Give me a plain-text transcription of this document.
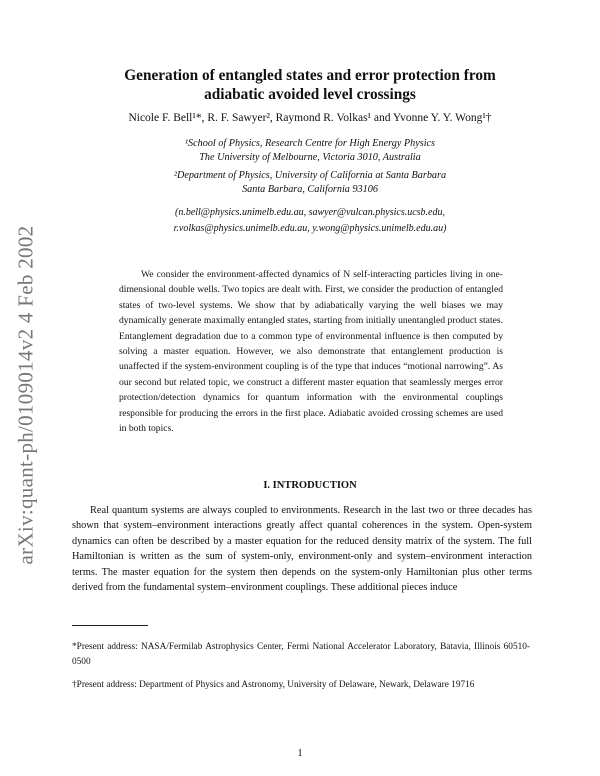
arXiv:quant-ph/0109014v2 4 Feb 2002
Generation of entangled states and error protection from
adiabatic avoided level crossings
Nicole F. Bell¹*, R. F. Sawyer², Raymond R. Volkas¹ and Yvonne Y. Y. Wong¹†
¹School of Physics, Research Centre for High Energy Physics
The University of Melbourne, Victoria 3010, Australia
²Department of Physics, University of California at Santa Barbara
Santa Barbara, California 93106
(n.bell@physics.unimelb.edu.au, sawyer@vulcan.physics.ucsb.edu,
r.volkas@physics.unimelb.edu.au, y.wong@physics.unimelb.edu.au)

We consider the environment-affected dynamics of N self-interacting particles living in one-dimensional double wells. Two topics are dealt with. First, we consider the production of entangled states of two-level systems. We show that by adiabatically varying the well biases we may dynamically generate maximally entangled states, starting from initially unentangled product states. Entanglement degradation due to a common type of environmental influence is then computed by solving a master equation. However, we also demonstrate that entanglement production is unaffected if the system-environment coupling is of the type that induces “motional narrowing”. As our second but related topic, we construct a different master equation that seamlessly merges error protection/detection dynamics for quantum information with the environmental couplings responsible for producing the errors in the first place. Adiabatic avoided crossing schemes are used in both topics.

I. INTRODUCTION

Real quantum systems are always coupled to environments. Research in the last two or three decades has shown that system–environment interactions greatly affect quantal coherences in the system. Open-system dynamics can often be described by a master equation for the reduced density matrix of the system. The full Hamiltonian is written as the sum of system-only, environment-only and system–environment interaction terms. The master equation for the system then depends on the system-only Hamiltonian plus other terms derived from the fundamental system–environment couplings. These additional pieces induce

*Present address: NASA/Fermilab Astrophysics Center, Fermi National Accelerator Laboratory, Batavia, Illinois 60510-0500

†Present address: Department of Physics and Astronomy, University of Delaware, Newark, Delaware 19716

1
